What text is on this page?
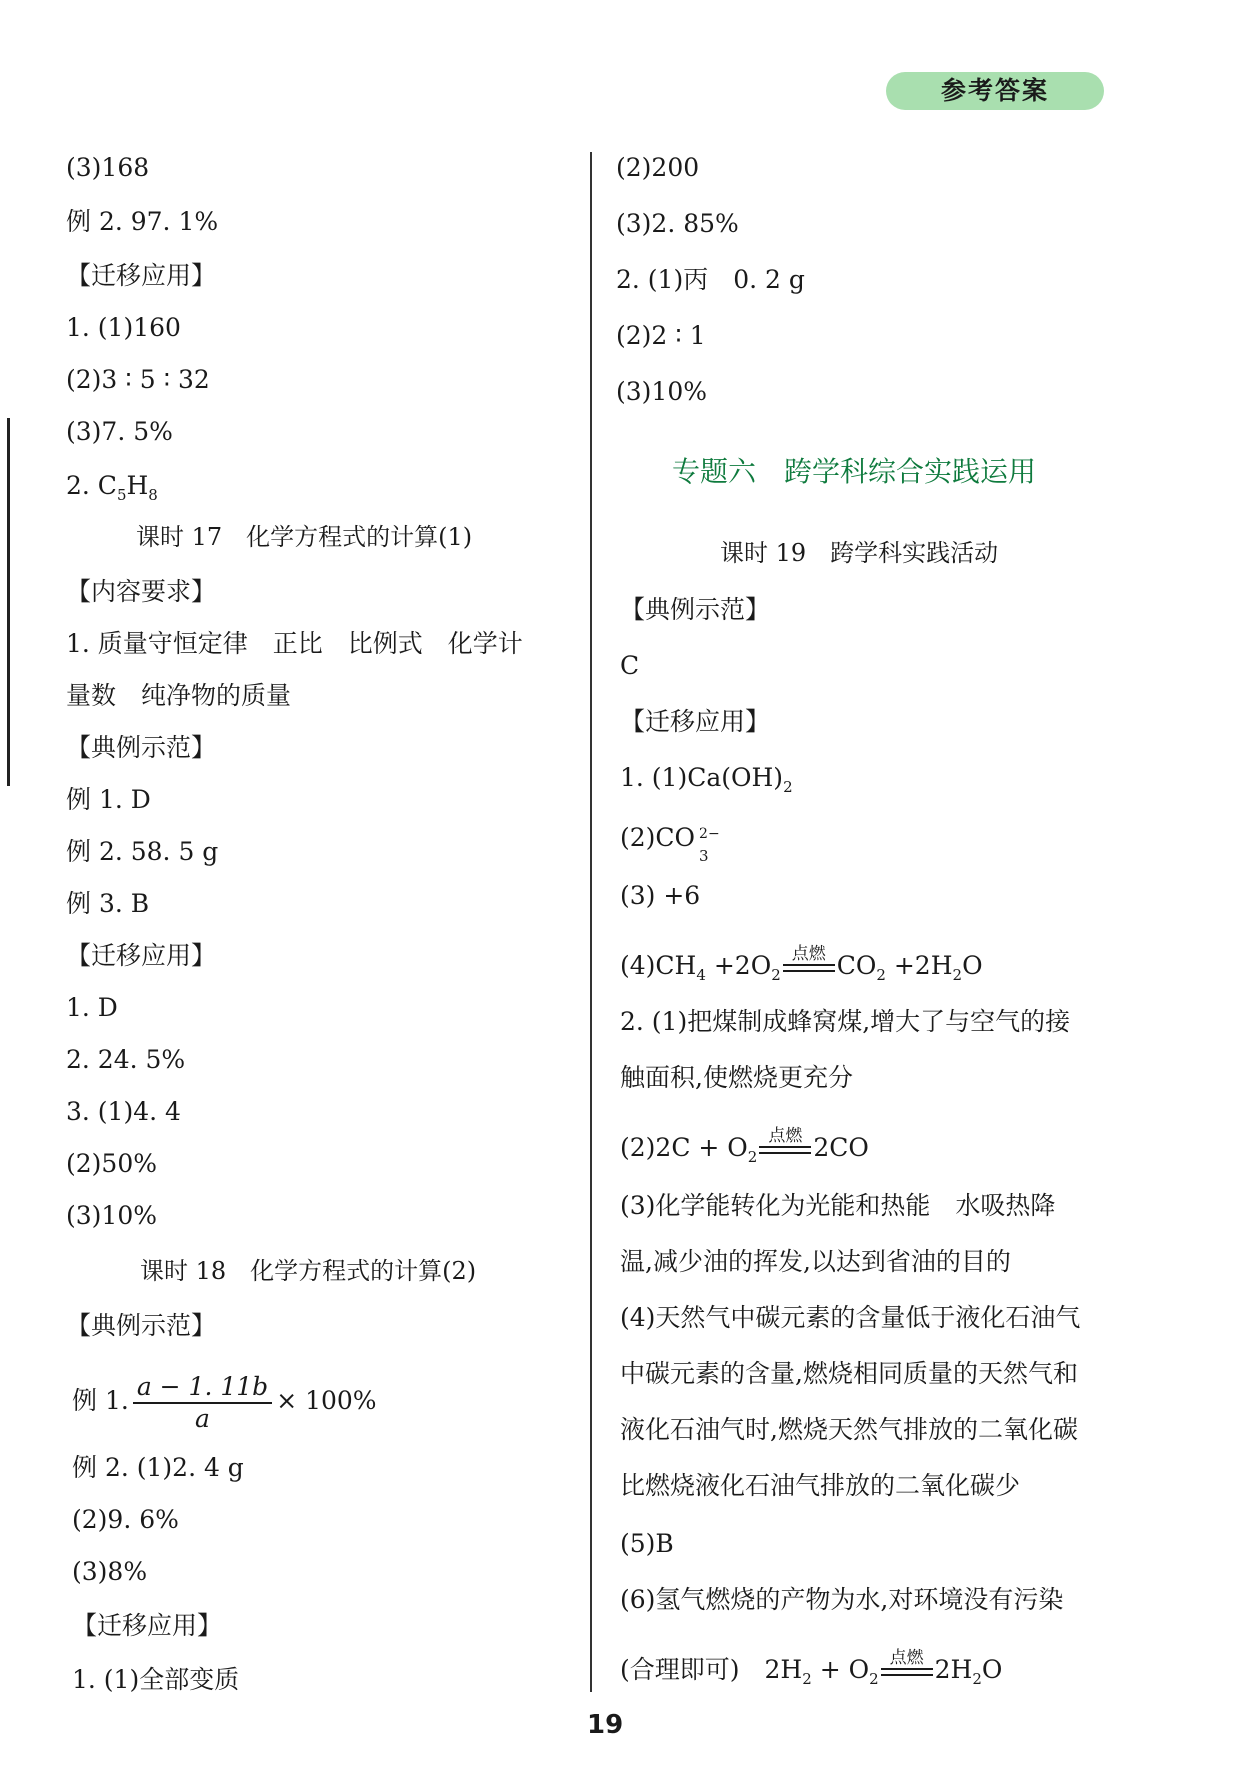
参考答案
(3)168
例 2. 97. 1%
【迁移应用】
1. (1)160
(2)3 ∶ 5 ∶ 32
(3)7. 5%
2. $C_5H_8$
课时 17　化学方程式的计算(1)
【内容要求】
1. 质量守恒定律　正比　比例式　化学计
量数　纯净物的质量
【典例示范】
例 1. D
例 2. 58. 5 g
例 3. B
【迁移应用】
1. D
2. 24. 5%
3. (1)4. 4
(2)50%
(3)10%
课时 18　化学方程式的计算(2)
【典例示范】
例 1. $\frac{a - 1. 11b}{a} \times 100\%$
例 2. (1)2. 4 g
(2)9. 6%
(3)8%
【迁移应用】
1. (1)全部变质
(2)200
(3)2. 85%
2. (1)丙　0. 2 g
(2)2 ∶ 1
(3)10%
专题六　跨学科综合实践运用
课时 19　跨学科实践活动
【典例示范】
C
【迁移应用】
1. $(1)Ca(OH)_2$
(2)CO 2−
3
(3) +6
$(4)CH_4 +2O_2$
点燃 $CO_2 +2H_2O$
2. (1)把煤制成蜂窝煤,增大了与空气的接
触面积,使燃烧更充分
$(2)2C + O_2$
点燃 2CO
(3)化学能转化为光能和热能　水吸热降
温,减少油的挥发,以达到省油的目的
(4)天然气中碳元素的含量低于液化石油气
中碳元素的含量,燃烧相同质量的天然气和
液化石油气时,燃烧天然气排放的二氧化碳
比燃烧液化石油气排放的二氧化碳少
(5)B
(6)氢气燃烧的产物为水,对环境没有污染
(合理即可)　$2H_2 + O_2$
点燃 $2H_2O$
19
